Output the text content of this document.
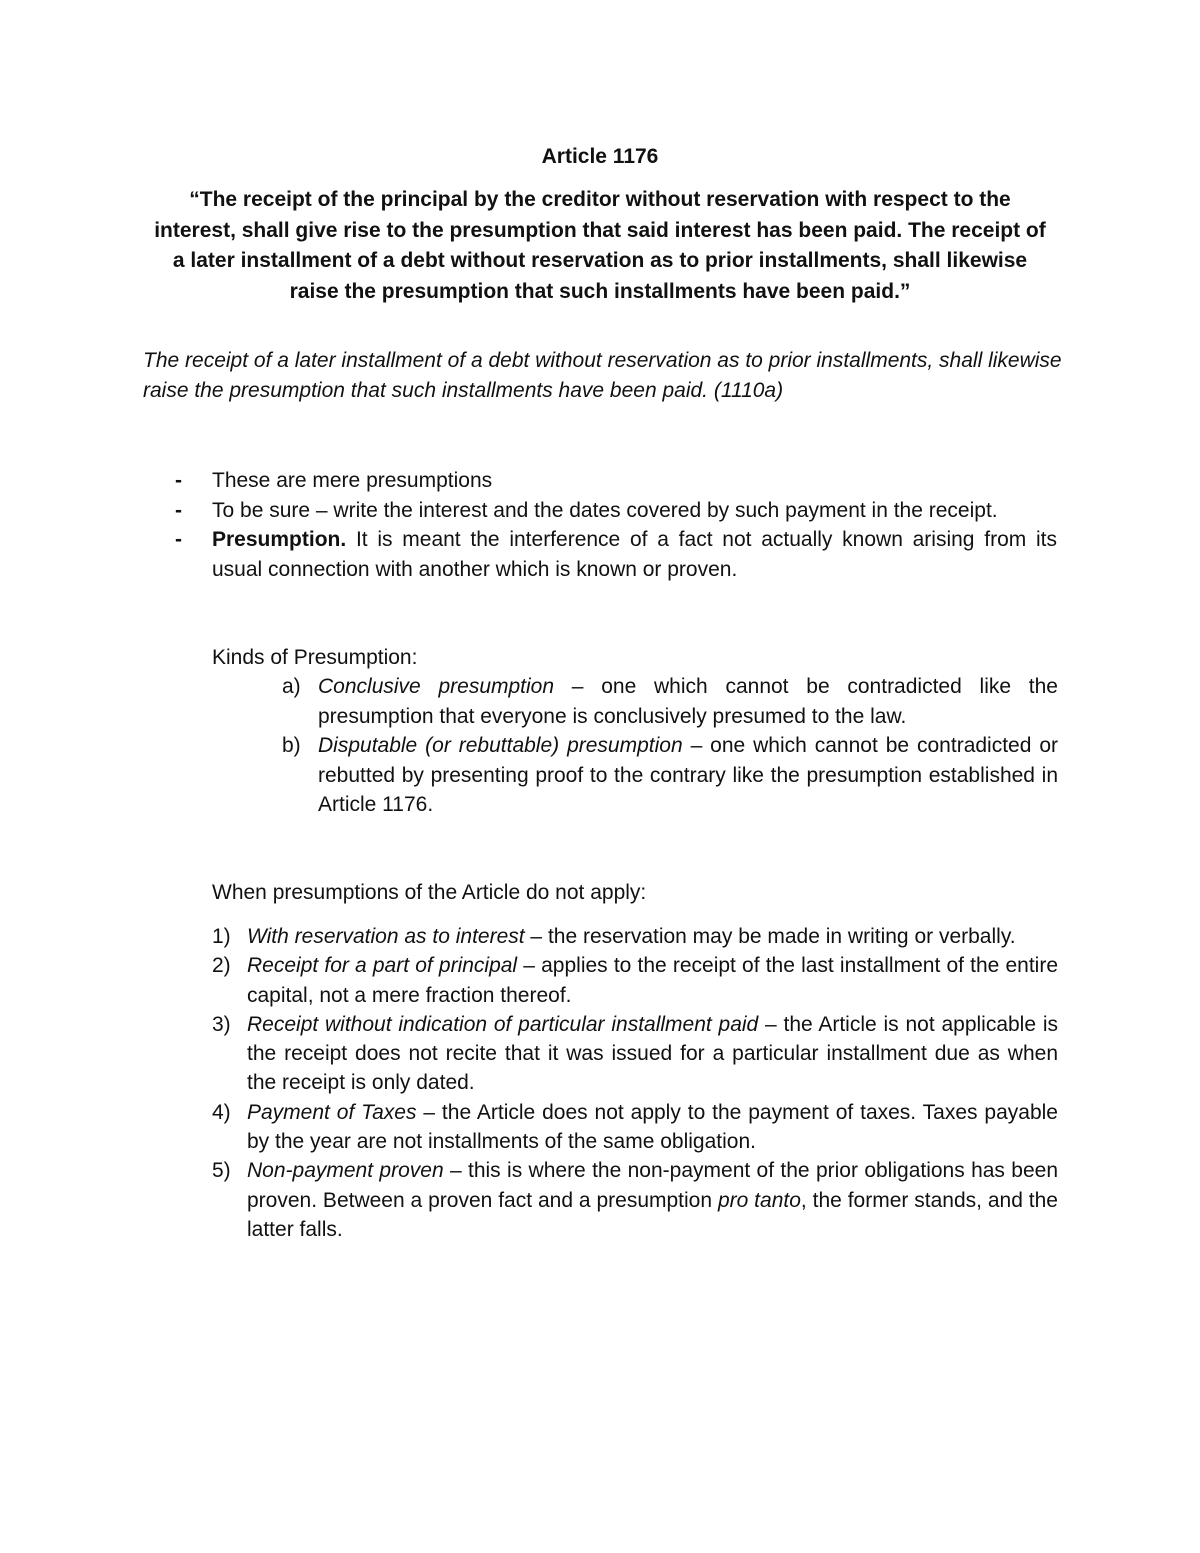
Article 1176

“The receipt of the principal by the creditor without reservation with respect to the interest, shall give rise to the presumption that said interest has been paid. The receipt of a later installment of a debt without reservation as to prior installments, shall likewise raise the presumption that such installments have been paid.”

The receipt of a later installment of a debt without reservation as to prior installments, shall likewise raise the presumption that such installments have been paid. (1110a)

- These are mere presumptions
- To be sure – write the interest and the dates covered by such payment in the receipt.
- Presumption. It is meant the interference of a fact not actually known arising from its usual connection with another which is known or proven.

Kinds of Presumption:

a) Conclusive presumption – one which cannot be contradicted like the presumption that everyone is conclusively presumed to the law.
b) Disputable (or rebuttable) presumption – one which cannot be contradicted or rebutted by presenting proof to the contrary like the presumption established in Article 1176.

When presumptions of the Article do not apply:

1) With reservation as to interest – the reservation may be made in writing or verbally.
2) Receipt for a part of principal – applies to the receipt of the last installment of the entire capital, not a mere fraction thereof.
3) Receipt without indication of particular installment paid – the Article is not applicable is the receipt does not recite that it was issued for a particular installment due as when the receipt is only dated.
4) Payment of Taxes – the Article does not apply to the payment of taxes. Taxes payable by the year are not installments of the same obligation.
5) Non-payment proven – this is where the non-payment of the prior obligations has been proven. Between a proven fact and a presumption pro tanto, the former stands, and the latter falls.
